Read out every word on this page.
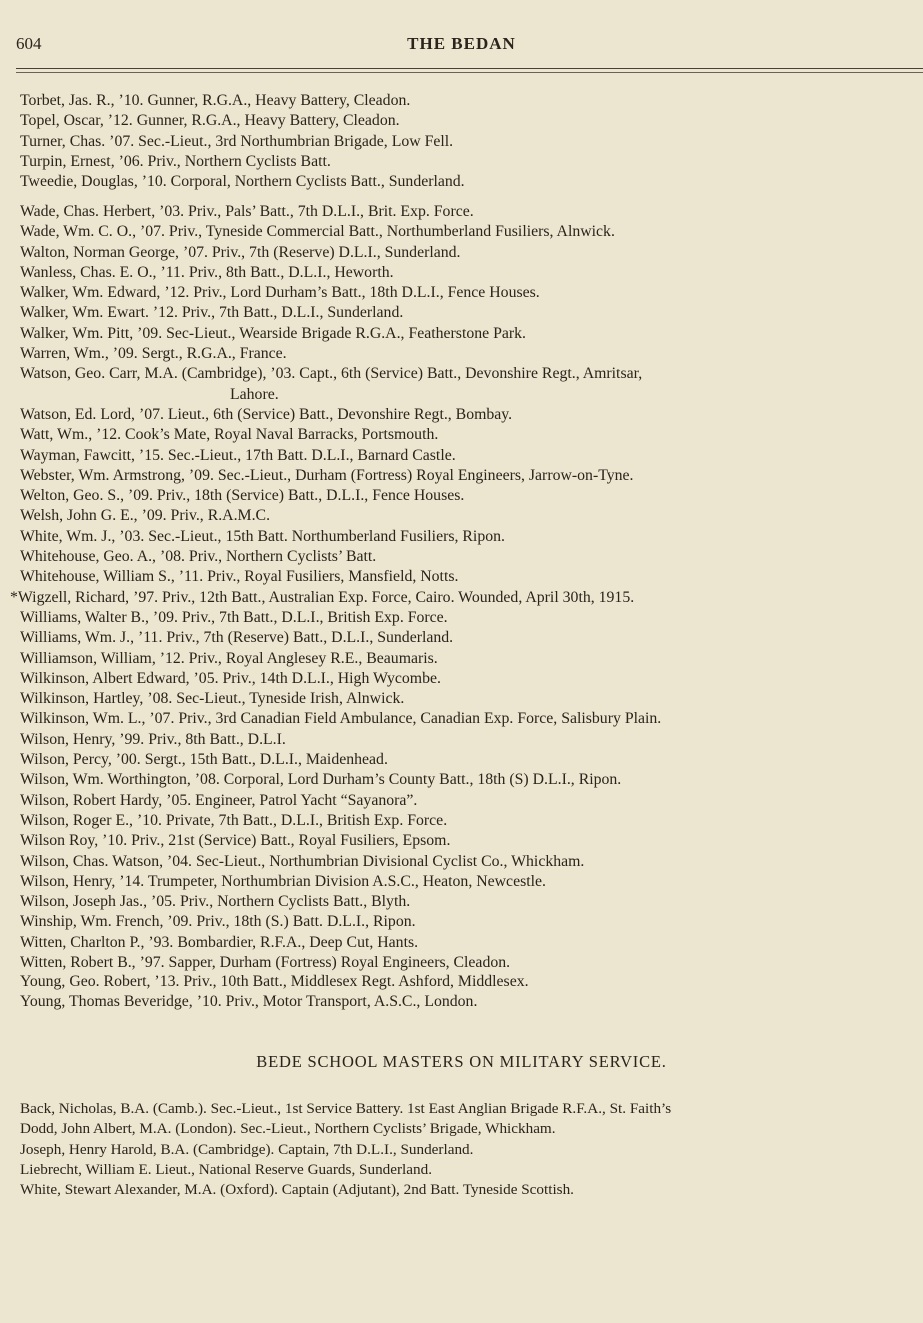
604	THE BEDAN
Torbet, Jas. R., ’10. Gunner, R.G.A., Heavy Battery, Cleadon.
Topel, Oscar, ’12. Gunner, R.G.A., Heavy Battery, Cleadon.
Turner, Chas. ’07. Sec.-Lieut., 3rd Northumbrian Brigade, Low Fell.
Turpin, Ernest, ’06. Priv., Northern Cyclists Batt.
Tweedie, Douglas, ’10. Corporal, Northern Cyclists Batt., Sunderland.
Wade, Chas. Herbert, ’03. Priv., Pals’ Batt., 7th D.L.I., Brit. Exp. Force.
Wade, Wm. C. O., ’07. Priv., Tyneside Commercial Batt., Northumberland Fusiliers, Alnwick.
Walton, Norman George, ’07. Priv., 7th (Reserve) D.L.I., Sunderland.
Wanless, Chas. E. O., ’11. Priv., 8th Batt., D.L.I., Heworth.
Walker, Wm. Edward, ’12. Priv., Lord Durham’s Batt., 18th D.L.I., Fence Houses.
Walker, Wm. Ewart. ’12. Priv., 7th Batt., D.L.I., Sunderland.
Walker, Wm. Pitt, ’09. Sec-Lieut., Wearside Brigade R.G.A., Featherstone Park.
Warren, Wm., ’09. Sergt., R.G.A., France.
Watson, Geo. Carr, M.A. (Cambridge), ’03. Capt., 6th (Service) Batt., Devonshire Regt., Amritsar,
Lahore.
Watson, Ed. Lord, ’07. Lieut., 6th (Service) Batt., Devonshire Regt., Bombay.
Watt, Wm., ’12. Cook’s Mate, Royal Naval Barracks, Portsmouth.
Wayman, Fawcitt, ’15. Sec.-Lieut., 17th Batt. D.L.I., Barnard Castle.
Webster, Wm. Armstrong, ’09. Sec.-Lieut., Durham (Fortress) Royal Engineers, Jarrow-on-Tyne.
Welton, Geo. S., ’09. Priv., 18th (Service) Batt., D.L.I., Fence Houses.
Welsh, John G. E., ’09. Priv., R.A.M.C.
White, Wm. J., ’03. Sec.-Lieut., 15th Batt. Northumberland Fusiliers, Ripon.
Whitehouse, Geo. A., ’08. Priv., Northern Cyclists’ Batt.
Whitehouse, William S., ’11. Priv., Royal Fusiliers, Mansfield, Notts.
*Wigzell, Richard, ’97. Priv., 12th Batt., Australian Exp. Force, Cairo. Wounded, April 30th, 1915.
Williams, Walter B., ’09. Priv., 7th Batt., D.L.I., British Exp. Force.
Williams, Wm. J., ’11. Priv., 7th (Reserve) Batt., D.L.I., Sunderland.
Williamson, William, ’12. Priv., Royal Anglesey R.E., Beaumaris.
Wilkinson, Albert Edward, ’05. Priv., 14th D.L.I., High Wycombe.
Wilkinson, Hartley, ’08. Sec-Lieut., Tyneside Irish, Alnwick.
Wilkinson, Wm. L., ’07. Priv., 3rd Canadian Field Ambulance, Canadian Exp. Force, Salisbury Plain.
Wilson, Henry, ’99. Priv., 8th Batt., D.L.I.
Wilson, Percy, ’00. Sergt., 15th Batt., D.L.I., Maidenhead.
Wilson, Wm. Worthington, ’08. Corporal, Lord Durham’s County Batt., 18th (S) D.L.I., Ripon.
Wilson, Robert Hardy, ’05. Engineer, Patrol Yacht “Sayanora”.
Wilson, Roger E., ’10. Private, 7th Batt., D.L.I., British Exp. Force.
Wilson Roy, ’10. Priv., 21st (Service) Batt., Royal Fusiliers, Epsom.
Wilson, Chas. Watson, ’04. Sec-Lieut., Northumbrian Divisional Cyclist Co., Whickham.
Wilson, Henry, ’14. Trumpeter, Northumbrian Division A.S.C., Heaton, Newcestle.
Wilson, Joseph Jas., ’05. Priv., Northern Cyclists Batt., Blyth.
Winship, Wm. French, ’09. Priv., 18th (S.) Batt. D.L.I., Ripon.
Witten, Charlton P., ’93. Bombardier, R.F.A., Deep Cut, Hants.
Witten, Robert B., ’97. Sapper, Durham (Fortress) Royal Engineers, Cleadon.
Young, Geo. Robert, ’13. Priv., 10th Batt., Middlesex Regt. Ashford, Middlesex.
Young, Thomas Beveridge, ’10. Priv., Motor Transport, A.S.C., London.
BEDE SCHOOL MASTERS ON MILITARY SERVICE.
Back, Nicholas, B.A. (Camb.). Sec.-Lieut., 1st Service Battery. 1st East Anglian Brigade R.F.A., St. Faith’s
Dodd, John Albert, M.A. (London). Sec.-Lieut., Northern Cyclists’ Brigade, Whickham.
Joseph, Henry Harold, B.A. (Cambridge). Captain, 7th D.L.I., Sunderland.
Liebrecht, William E. Lieut., National Reserve Guards, Sunderland.
White, Stewart Alexander, M.A. (Oxford). Captain (Adjutant), 2nd Batt. Tyneside Scottish.
